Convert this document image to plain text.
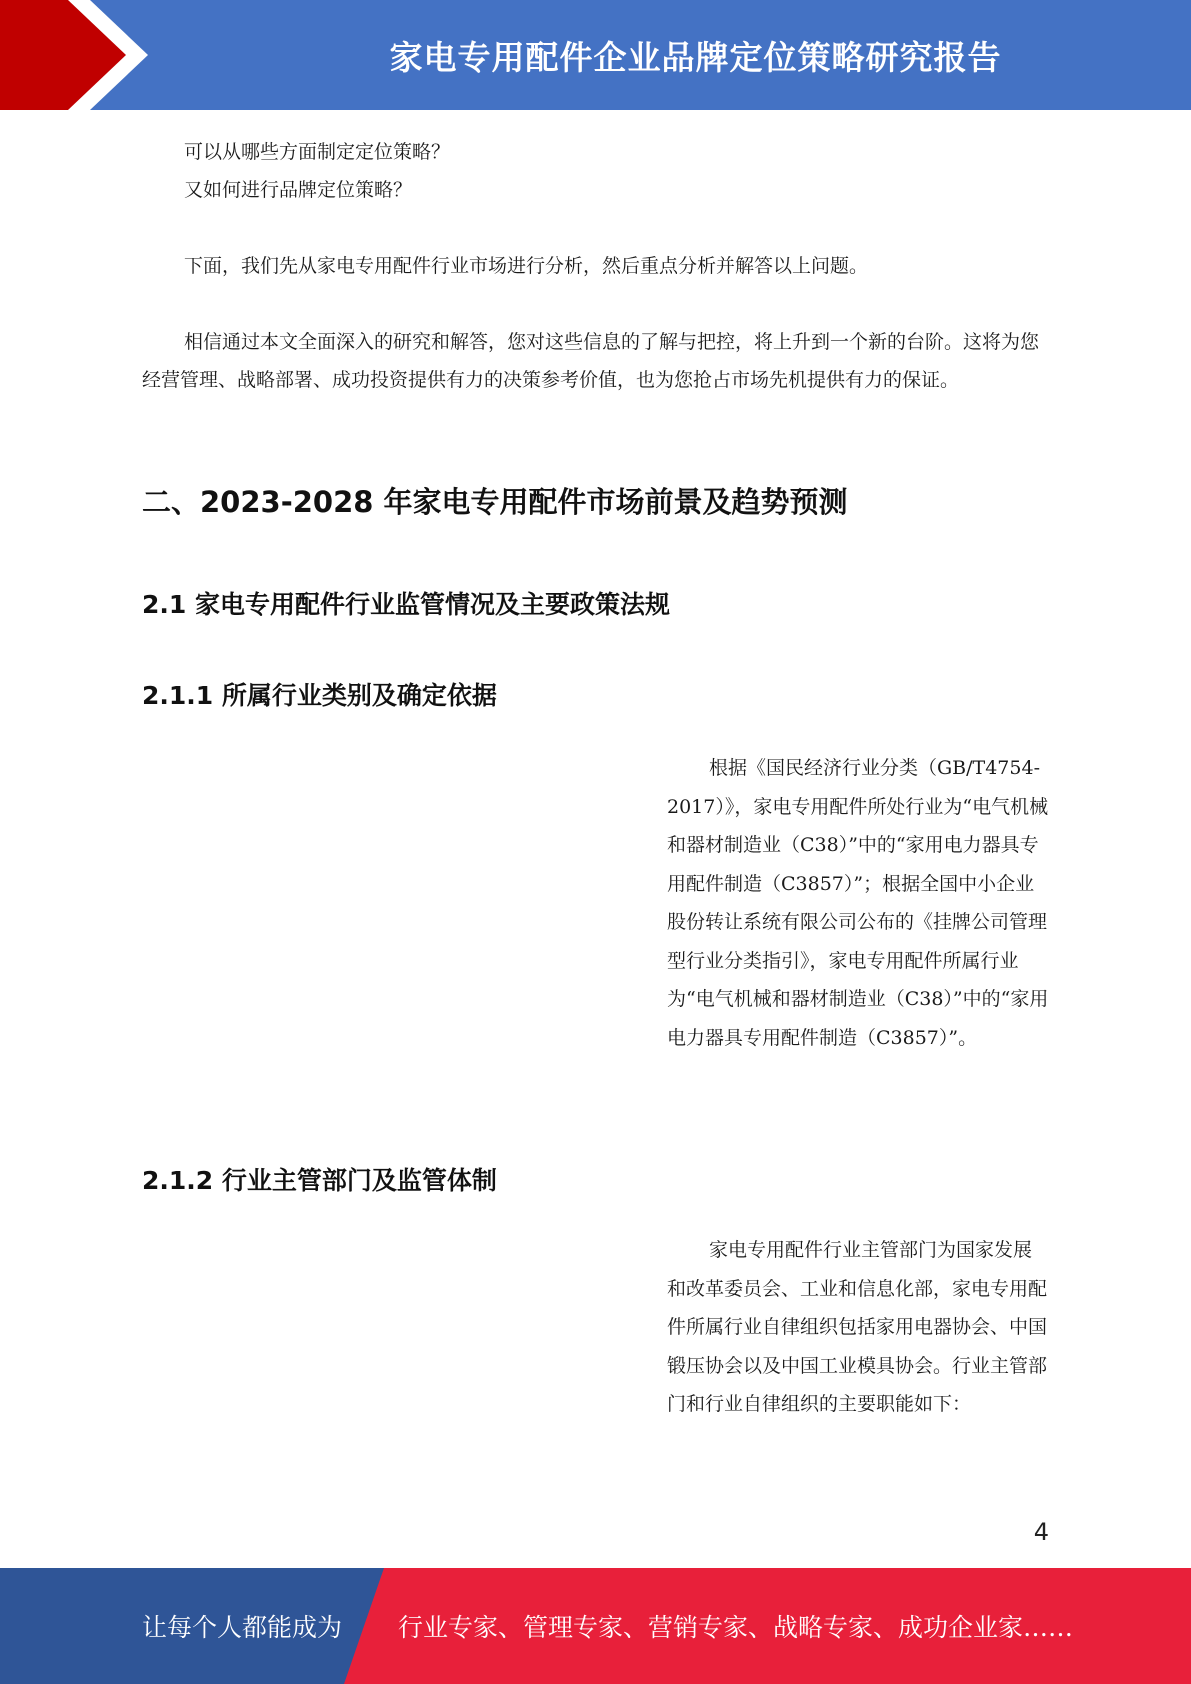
家电专用配件企业品牌定位策略研究报告

可以从哪些方面制定定位策略？

又如何进行品牌定位策略？

下面，我们先从家电专用配件行业市场进行分析，然后重点分析并解答以上问题。

相信通过本文全面深入的研究和解答，您对这些信息的了解与把控，将上升到一个新的台阶。这将为您经营管理、战略部署、成功投资提供有力的决策参考价值，也为您抢占市场先机提供有力的保证。

二、2023-2028 年家电专用配件市场前景及趋势预测
2.1 家电专用配件行业监管情况及主要政策法规
2.1.1 所属行业类别及确定依据

根据《国民经济行业分类（GB/T4754-2017）》，家电专用配件所处行业为“电气机械和器材制造业（C38）”中的“家用电力器具专用配件制造（C3857）”；根据全国中小企业股份转让系统有限公司公布的《挂牌公司管理型行业分类指引》，家电专用配件所属行业为“电气机械和器材制造业（C38）”中的“家用电力器具专用配件制造（C3857）”。

2.1.2 行业主管部门及监管体制

家电专用配件行业主管部门为国家发展和改革委员会、工业和信息化部，家电专用配件所属行业自律组织包括家用电器协会、中国锻压协会以及中国工业模具协会。行业主管部门和行业自律组织的主要职能如下：

4
让每个人都能成为 行业专家、管理专家、营销专家、战略专家、成功企业家……
